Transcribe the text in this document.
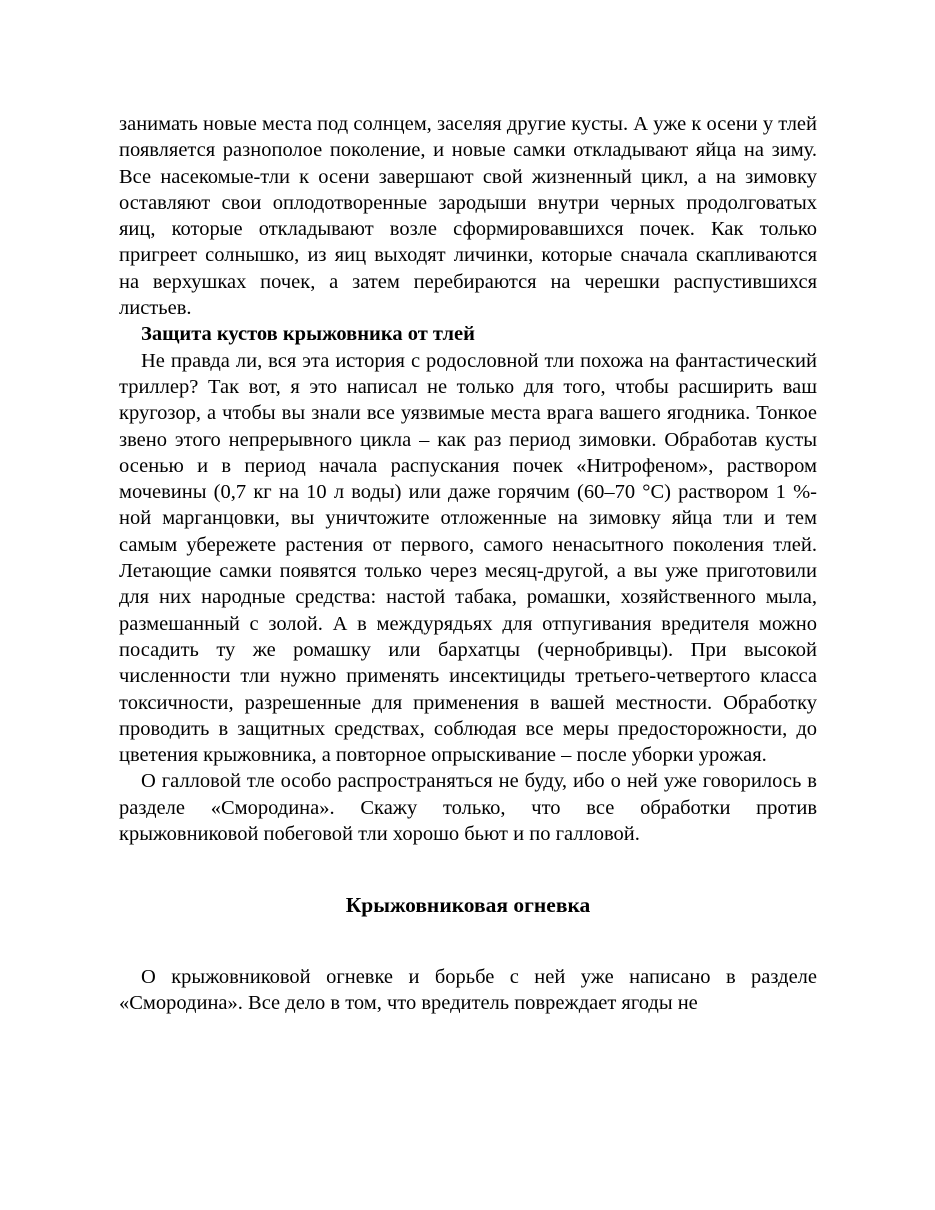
занимать новые места под солнцем, заселяя другие кусты. А уже к осени у тлей появляется разнополое поколение, и новые самки откладывают яйца на зиму. Все насекомые-тли к осени завершают свой жизненный цикл, а на зимовку оставляют свои оплодотворенные зародыши внутри черных продолговатых яиц, которые откладывают возле сформировавшихся почек. Как только пригреет солнышко, из яиц выходят личинки, которые сначала скапливаются на верхушках почек, а затем перебираются на черешки распустившихся листьев.

Защита кустов крыжовника от тлей

Не правда ли, вся эта история с родословной тли похожа на фантастический триллер? Так вот, я это написал не только для того, чтобы расширить ваш кругозор, а чтобы вы знали все уязвимые места врага вашего ягодника. Тонкое звено этого непрерывного цикла – как раз период зимовки. Обработав кусты осенью и в период начала распускания почек «Нитрофеном», раствором мочевины (0,7 кг на 10 л воды) или даже горячим (60–70 °С) раствором 1 %-ной марганцовки, вы уничтожите отложенные на зимовку яйца тли и тем самым убережете растения от первого, самого ненасытного поколения тлей. Летающие самки появятся только через месяц-другой, а вы уже приготовили для них народные средства: настой табака, ромашки, хозяйственного мыла, размешанный с золой. А в междурядьях для отпугивания вредителя можно посадить ту же ромашку или бархатцы (чернобривцы). При высокой численности тли нужно применять инсектициды третьего-четвертого класса токсичности, разрешенные для применения в вашей местности. Обработку проводить в защитных средствах, соблюдая все меры предосторожности, до цветения крыжовника, а повторное опрыскивание – после уборки урожая.

О галловой тле особо распространяться не буду, ибо о ней уже говорилось в разделе «Смородина». Скажу только, что все обработки против крыжовниковой побеговой тли хорошо бьют и по галловой.

Крыжовниковая огневка

О крыжовниковой огневке и борьбе с ней уже написано в разделе «Смородина». Все дело в том, что вредитель повреждает ягоды не
